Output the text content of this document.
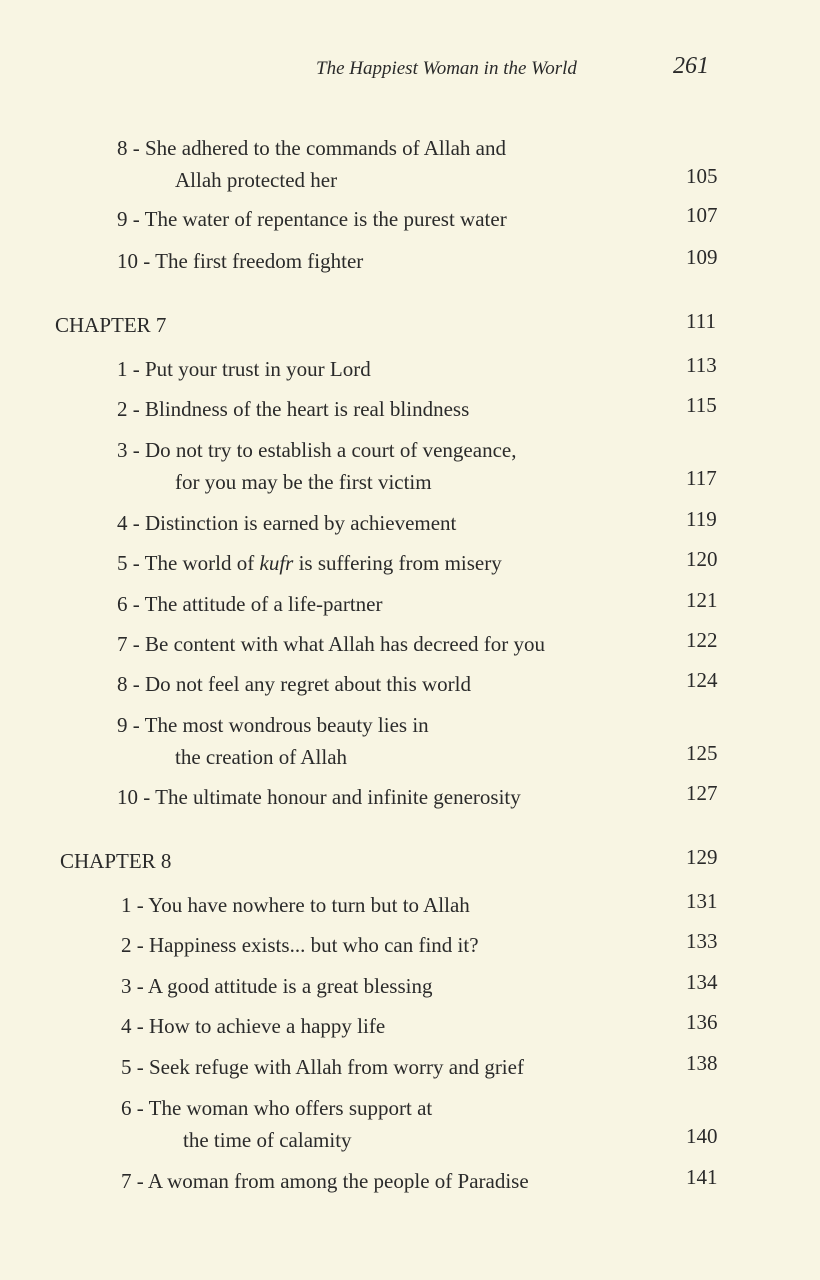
The Happiest Woman in the World	261
8 - She adhered to the commands of Allah and
Allah protected her	105
9 - The water of repentance is the purest water	107
10 - The first freedom fighter	109
CHAPTER 7	111
1 - Put your trust in your Lord	113
2 - Blindness of the heart is real blindness	115
3 - Do not try to establish a court of vengeance,
for you may be the first victim	117
4 - Distinction is earned by achievement	119
5 - The world of kufr is suffering from misery	120
6 - The attitude of a life-partner	121
7 - Be content with what Allah has decreed for you	122
8 - Do not feel any regret about this world	124
9 - The most wondrous beauty lies in
the creation of Allah	125
10 - The ultimate honour and infinite generosity	127
CHAPTER 8	129
1 - You have nowhere to turn but to Allah	131
2 - Happiness exists... but who can find it?	133
3 - A good attitude is a great blessing	134
4 - How to achieve a happy life	136
5 - Seek refuge with Allah from worry and grief	138
6 - The woman who offers support at
the time of calamity	140
7 - A woman from among the people of Paradise	141
